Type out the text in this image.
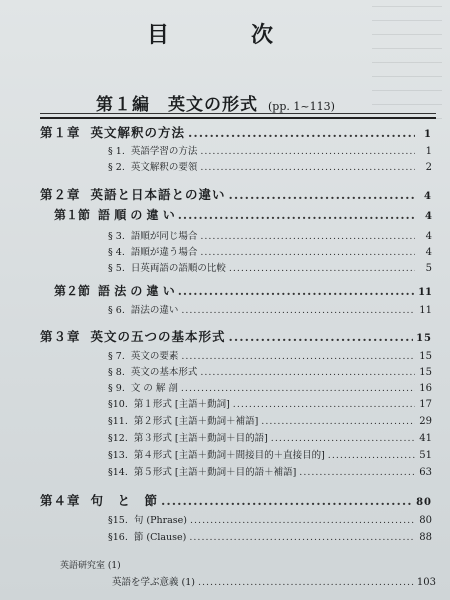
目　次
第１編　英文の形式 (pp. 1~113)
第１章 英文解釈の方法 .....	1
§ 1. 英語学習の方法 .....	1
§ 2. 英文解釈の要領 .....	2
第２章 英語と日本語との違い .....	4
第１節 語 順 の 違 い .....	4
§ 3. 語順が同じ場合 .....	4
§ 4. 語順が違う場合 .....	4
§ 5. 日英両語の語順の比較 .....	5
第２節 語 法 の 違 い .....	11
§ 6. 語法の違い .....	11
第３章 英文の五つの基本形式 .....	15
§ 7. 英文の要素 .....	15
§ 8. 英文の基本形式 .....	15
§ 9. 文 の 解 剖 .....	16
§10. 第１形式 [主語＋動詞] .....	17
§11. 第２形式 [主語＋動詞＋補語] .....	29
§12. 第３形式 [主語＋動詞＋目的語] .....	41
§13. 第４形式 [主語＋動詞＋間接目的＋直接目的] .....	51
§14. 第５形式 [主語＋動詞＋目的語＋補語] .....	63
第４章 句　と　節 .....	80
§15. 句 (Phrase) .....	80
§16. 節 (Clause) .....	88
英語研究室 (1)
英語を学ぶ意義 (1) .....	103
